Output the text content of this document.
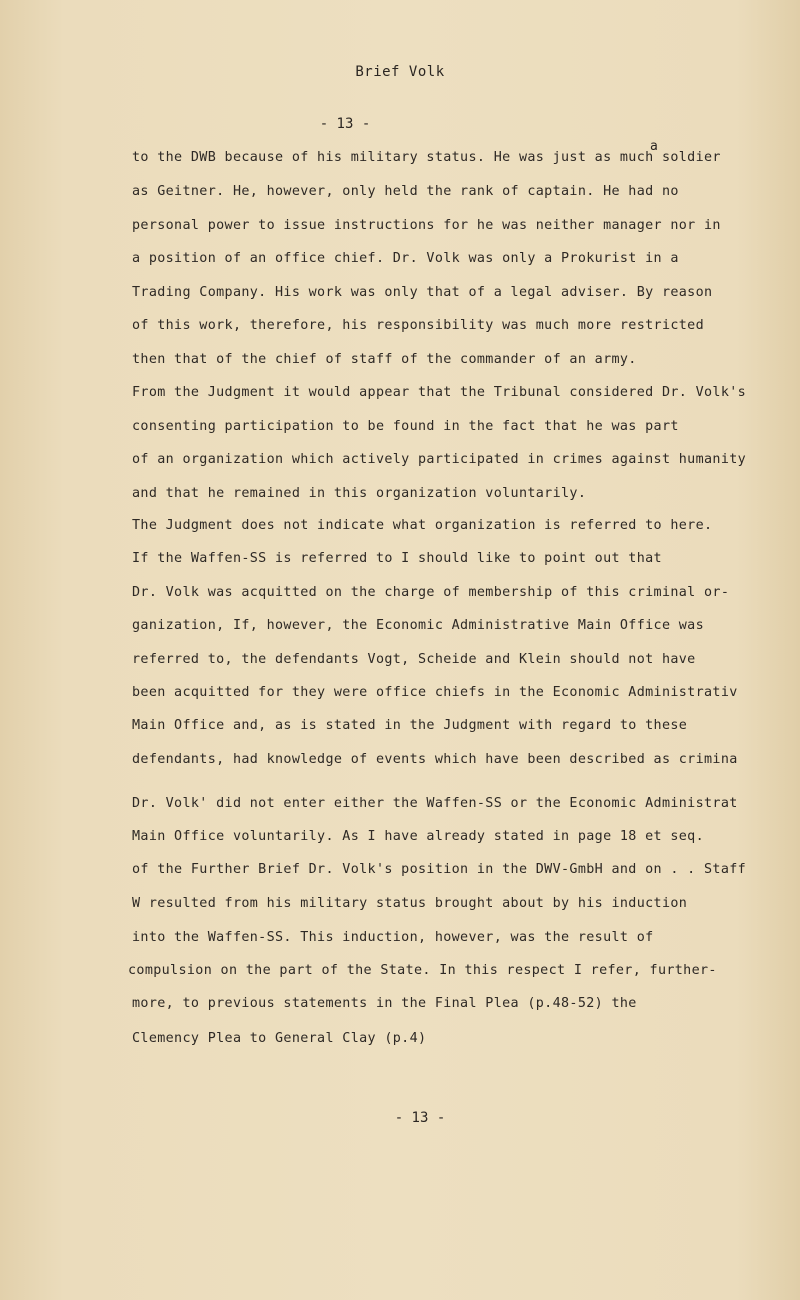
Brief Volk
- 13 -
a
to the DWB because of his military status. He was just as much soldier
as Geitner. He, however, only held the rank of captain. He had no
personal power to issue instructions for he was neither manager nor in
a position of an office chief. Dr. Volk was only a Prokurist in a
Trading Company. His work was only that of a legal adviser. By reason
of this work, therefore, his responsibility was much more restricted
then that of the chief of staff of the commander of an army.
From the Judgment it would appear that the Tribunal considered Dr. Volk's
consenting participation to be found in the fact that he was part
of an organization which actively participated in crimes against humanity
and that he remained in this organization voluntarily.
The Judgment does not indicate what organization is referred to here.
If the Waffen-SS is referred to I should like to point out that
Dr. Volk was acquitted on the charge of membership of this criminal or-
ganization, If, however, the Economic Administrative Main Office was
referred to, the defendants Vogt, Scheide and Klein should not have
been acquitted for they were office chiefs in the Economic Administrativ
Main Office and, as is stated in the Judgment with regard to these
defendants, had knowledge of events which have been described as crimina
Dr. Volk' did not enter either the Waffen-SS or the Economic Administrat
Main Office voluntarily. As I have already stated in page 18 et seq.
of the Further Brief Dr. Volk's position in the DWV-GmbH and on . . Staff
W resulted from his military status brought about by his induction
into the Waffen-SS. This induction, however, was the result of
compulsion on the part of the State. In this respect I refer, further-
more, to previous statements in the Final Plea (p.48-52) the
Clemency Plea to General Clay (p.4)
- 13 -
